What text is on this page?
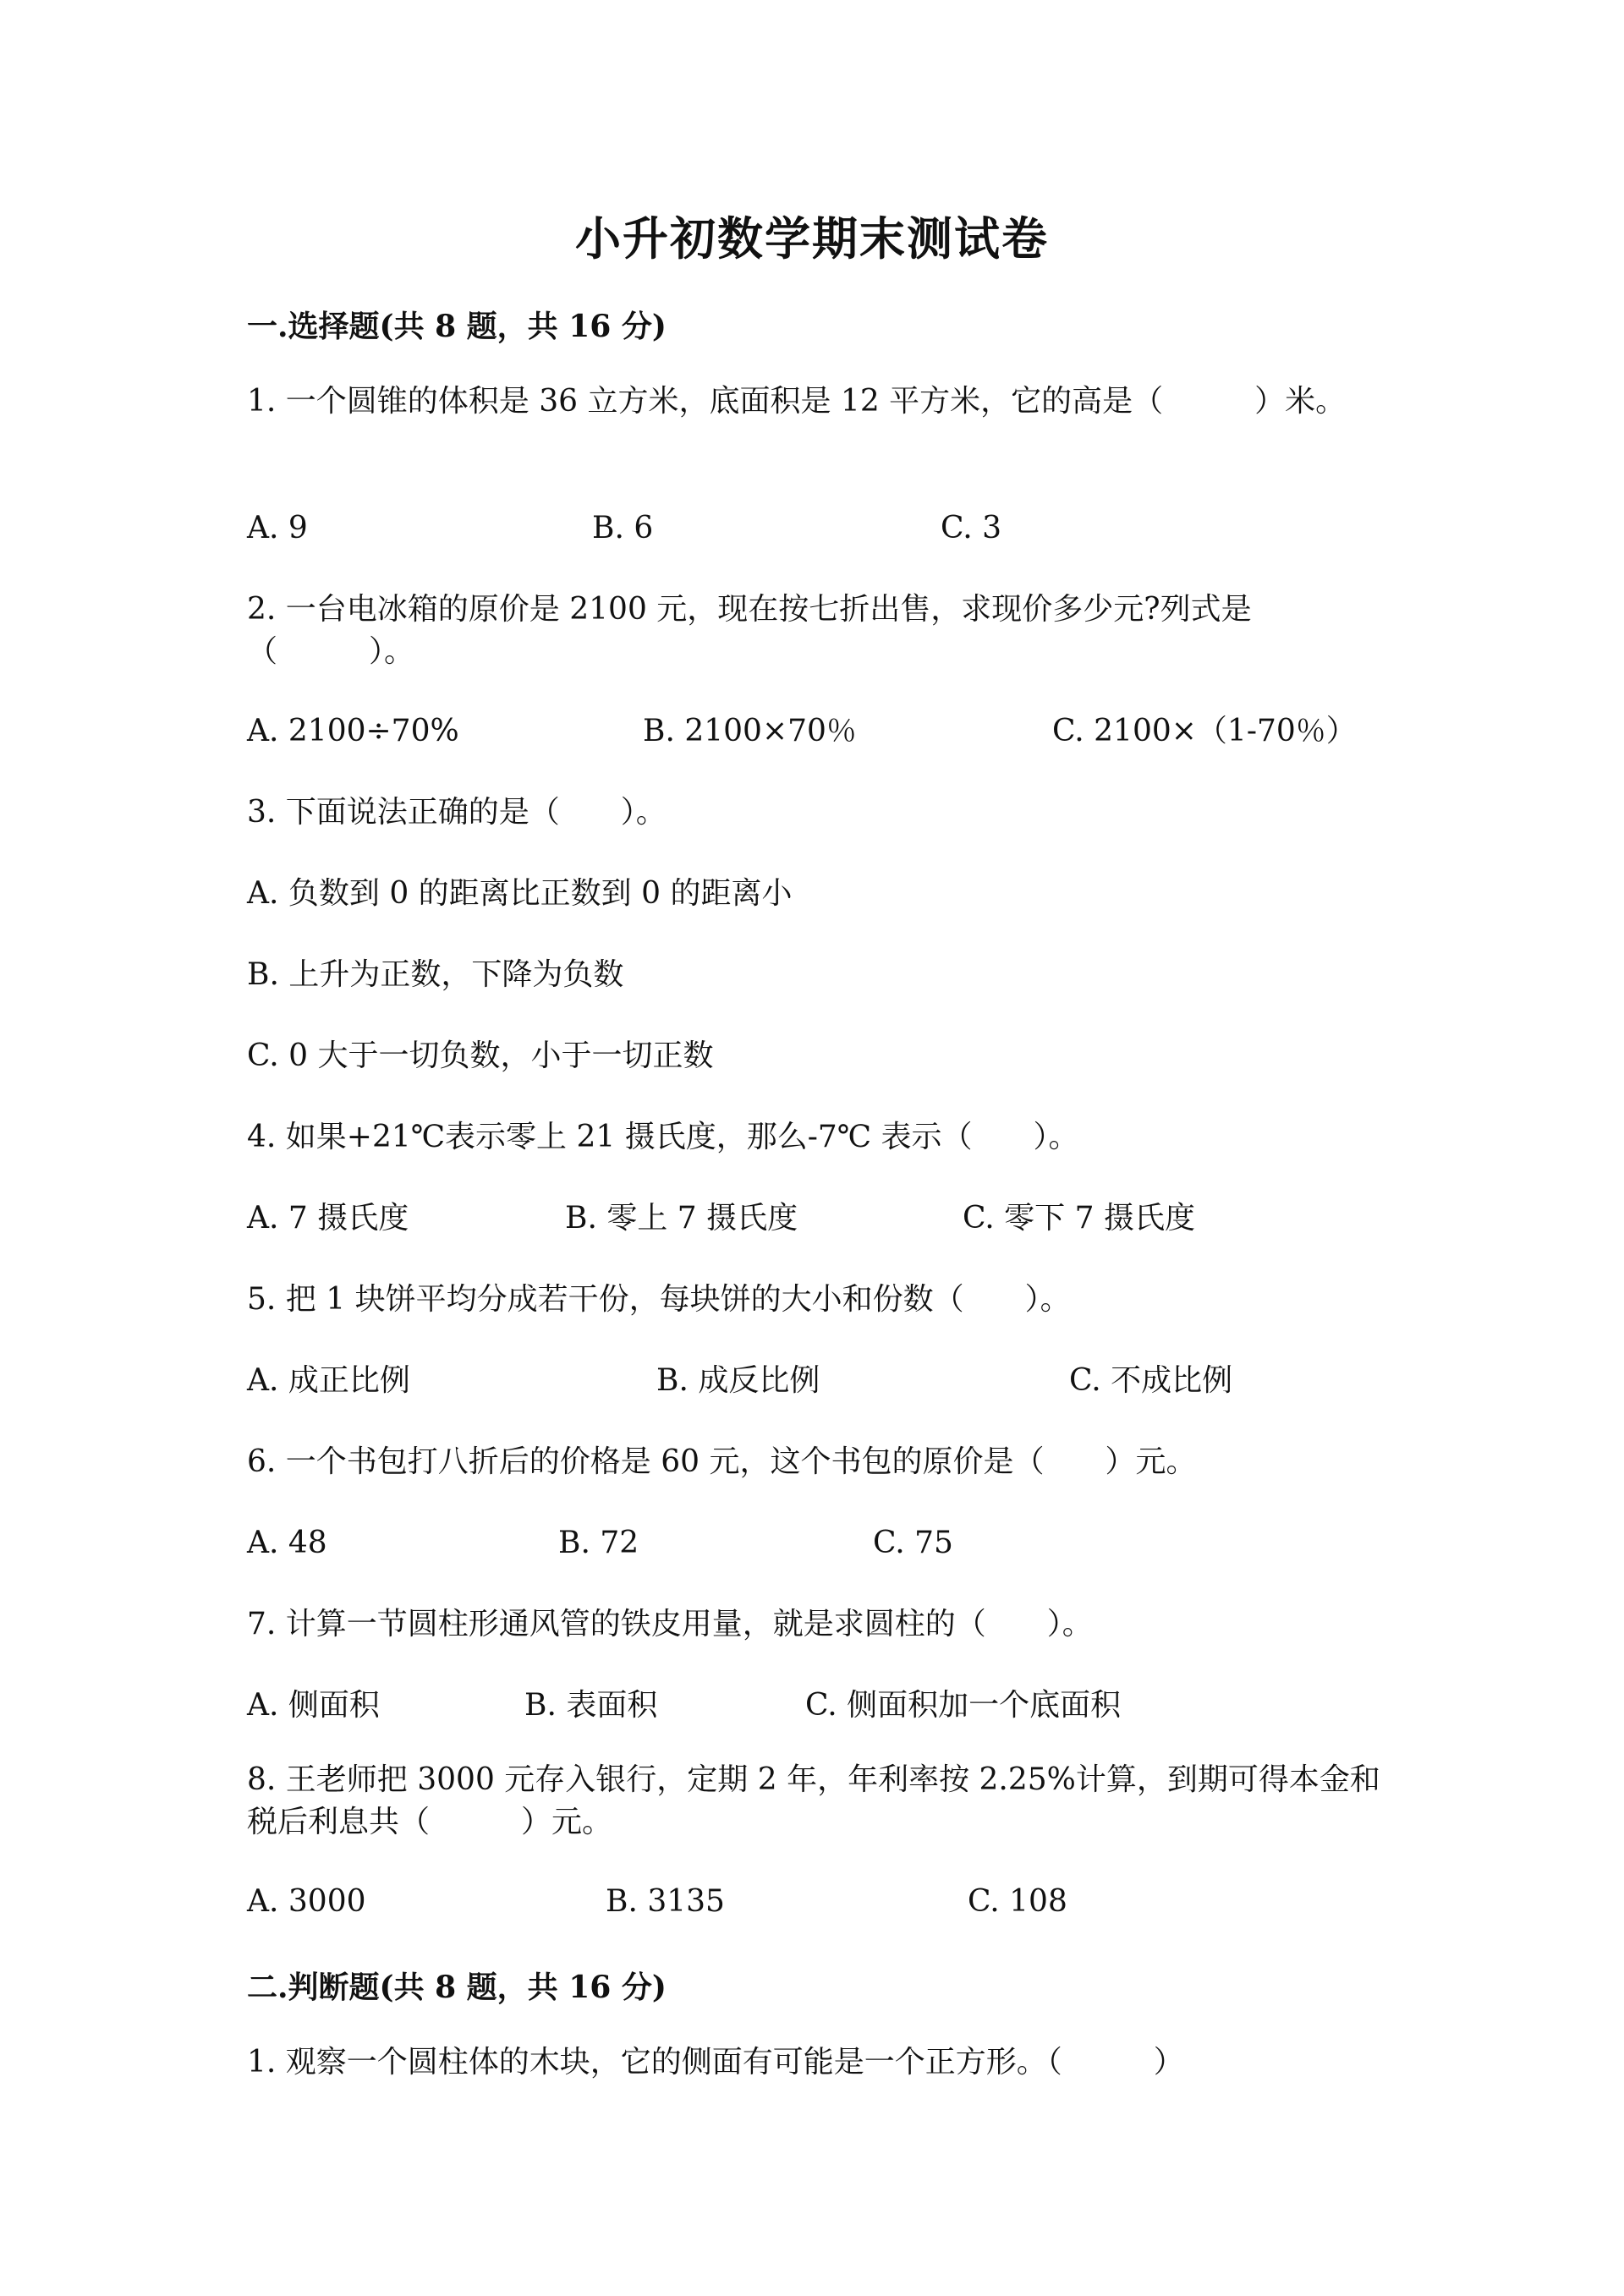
小升初数学期末测试卷
一.选择题(共 8 题，共 16 分)
1. 一个圆锥的体积是 36 立方米，底面积是 12 平方米，它的高是（　　　）米。
A. 9	B. 6	C. 3
2. 一台电冰箱的原价是 2100 元，现在按七折出售，求现价多少元?列式是（　　　）。
A. 2100÷70%	B. 2100×70％	C. 2100×（1-70％）
3. 下面说法正确的是（　　）。
A. 负数到 0 的距离比正数到 0 的距离小
B. 上升为正数，下降为负数
C. 0 大于一切负数，小于一切正数
4. 如果+21℃表示零上 21 摄氏度，那么-7℃ 表示（　　）。
A. 7 摄氏度	B. 零上 7 摄氏度	C. 零下 7 摄氏度
5. 把 1 块饼平均分成若干份，每块饼的大小和份数（　　）。
A. 成正比例	B. 成反比例	C. 不成比例
6. 一个书包打八折后的价格是 60 元，这个书包的原价是（　　）元。
A. 48	B. 72	C. 75
7. 计算一节圆柱形通风管的铁皮用量，就是求圆柱的（　　）。
A. 侧面积	B. 表面积	C. 侧面积加一个底面积
8. 王老师把 3000 元存入银行，定期 2 年，年利率按 2.25%计算，到期可得本金和税后利息共（　　　）元。
A. 3000	B. 3135	C. 108
二.判断题(共 8 题，共 16 分)
1. 观察一个圆柱体的木块，它的侧面有可能是一个正方形。（　　　）
